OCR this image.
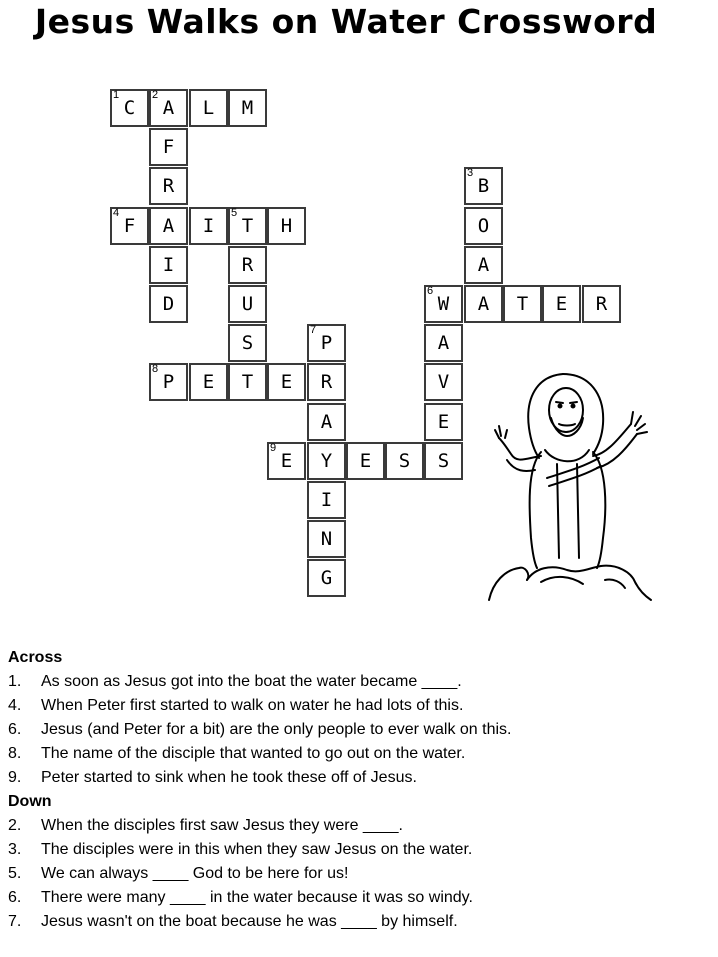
Jesus Walks on Water Crossword
1
C
2
A	L	M
F
R
3
B
4
F	A	I
5
T	H	O
I	R	A
D	U
6
W	A	T	E	R
S
7
P	A
8
P	E	T	E	R	V
A	E
9
E	Y	E	S	S
I
N
G
Across
1. As soon as Jesus got into the boat the water became ____.
4. When Peter first started to walk on water he had lots of this.
6. Jesus (and Peter for a bit) are the only people to ever walk on this.
8. The name of the disciple that wanted to go out on the water.
9. Peter started to sink when he took these off of Jesus.
Down
2. When the disciples first saw Jesus they were ____.
3. The disciples were in this when they saw Jesus on the water.
5. We can always ____ God to be here for us!
6. There were many ____ in the water because it was so windy.
7. Jesus wasn't on the boat because he was ____ by himself.
